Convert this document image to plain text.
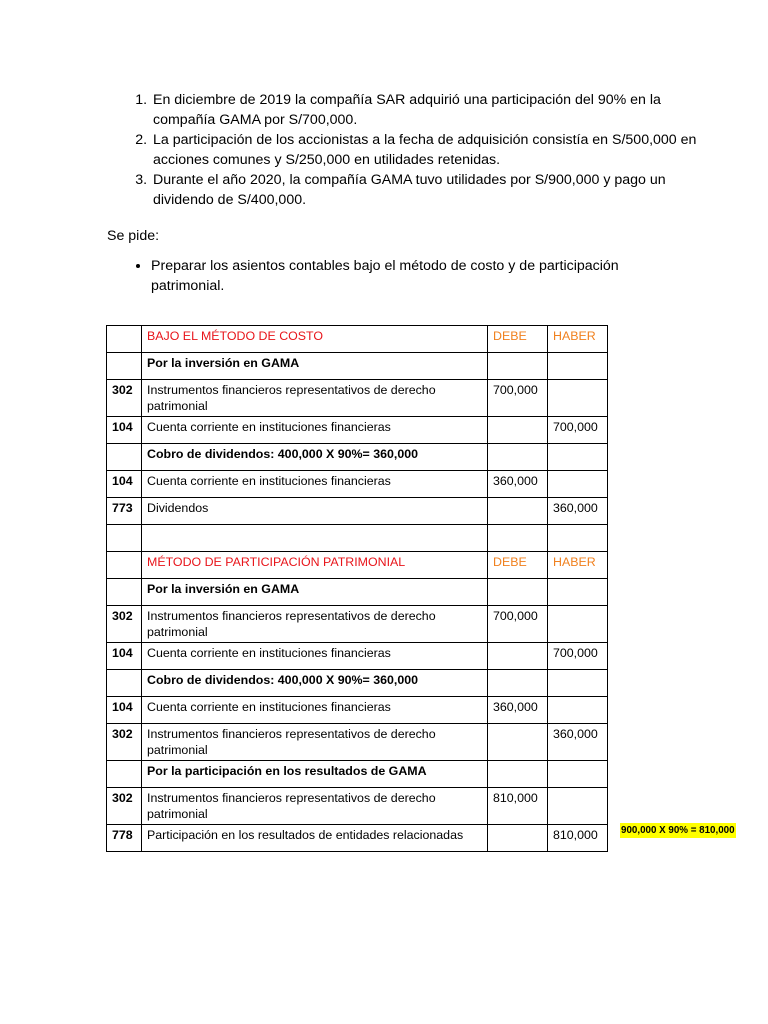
1. En diciembre de 2019 la compañía SAR adquirió una participación del 90% en la compañía GAMA por S/700,000.
2. La participación de los accionistas a la fecha de adquisición consistía en S/500,000 en acciones comunes y S/250,000 en utilidades retenidas.
3. Durante el año 2020, la compañía GAMA tuvo utilidades por S/900,000 y pago un dividendo de S/400,000.

Se pide:

• Preparar los asientos contables bajo el método de costo y de participación patrimonial.
	BAJO EL MÉTODO DE COSTO	DEBE	HABER
	Por la inversión en GAMA		
302	Instrumentos financieros representativos de derecho patrimonial	700,000	
104	Cuenta corriente en instituciones financieras		700,000
	Cobro de dividendos: 400,000 X 90%= 360,000		
104	Cuenta corriente en instituciones financieras	360,000	
773	Dividendos		360,000

	MÉTODO DE PARTICIPACIÓN PATRIMONIAL	DEBE	HABER
	Por la inversión en GAMA		
302	Instrumentos financieros representativos de derecho patrimonial	700,000	
104	Cuenta corriente en instituciones financieras		700,000
	Cobro de dividendos: 400,000 X 90%= 360,000		
104	Cuenta corriente en instituciones financieras	360,000	
302	Instrumentos financieros representativos de derecho patrimonial		360,000
	Por la participación en los resultados de GAMA		
302	Instrumentos financieros representativos de derecho patrimonial	810,000	
778	Participación en los resultados de entidades relacionadas		810,000 900,000 X 90% = 810,000
